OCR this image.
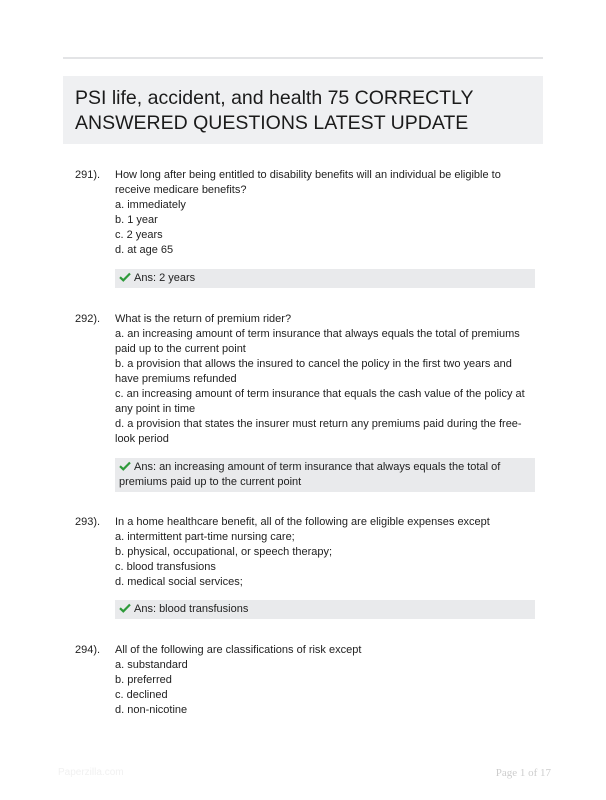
PSI life, accident, and health 75 CORRECTLY ANSWERED QUESTIONS LATEST UPDATE
291). How long after being entitled to disability benefits will an individual be eligible to receive medicare benefits?
a. immediately
b. 1 year
c. 2 years
d. at age 65
Ans: 2 years
292). What is the return of premium rider?
a. an increasing amount of term insurance that always equals the total of premiums paid up to the current point
b. a provision that allows the insured to cancel the policy in the first two years and have premiums refunded
c. an increasing amount of term insurance that equals the cash value of the policy at any point in time
d. a provision that states the insurer must return any premiums paid during the free-look period
Ans: an increasing amount of term insurance that always equals the total of premiums paid up to the current point
293). In a home healthcare benefit, all of the following are eligible expenses except
a. intermittent part-time nursing care;
b. physical, occupational, or speech therapy;
c. blood transfusions
d. medical social services;
Ans: blood transfusions
294). All of the following are classifications of risk except
a. substandard
b. preferred
c. declined
d. non-nicotine
Paperzilla.com	Page 1 of 17
